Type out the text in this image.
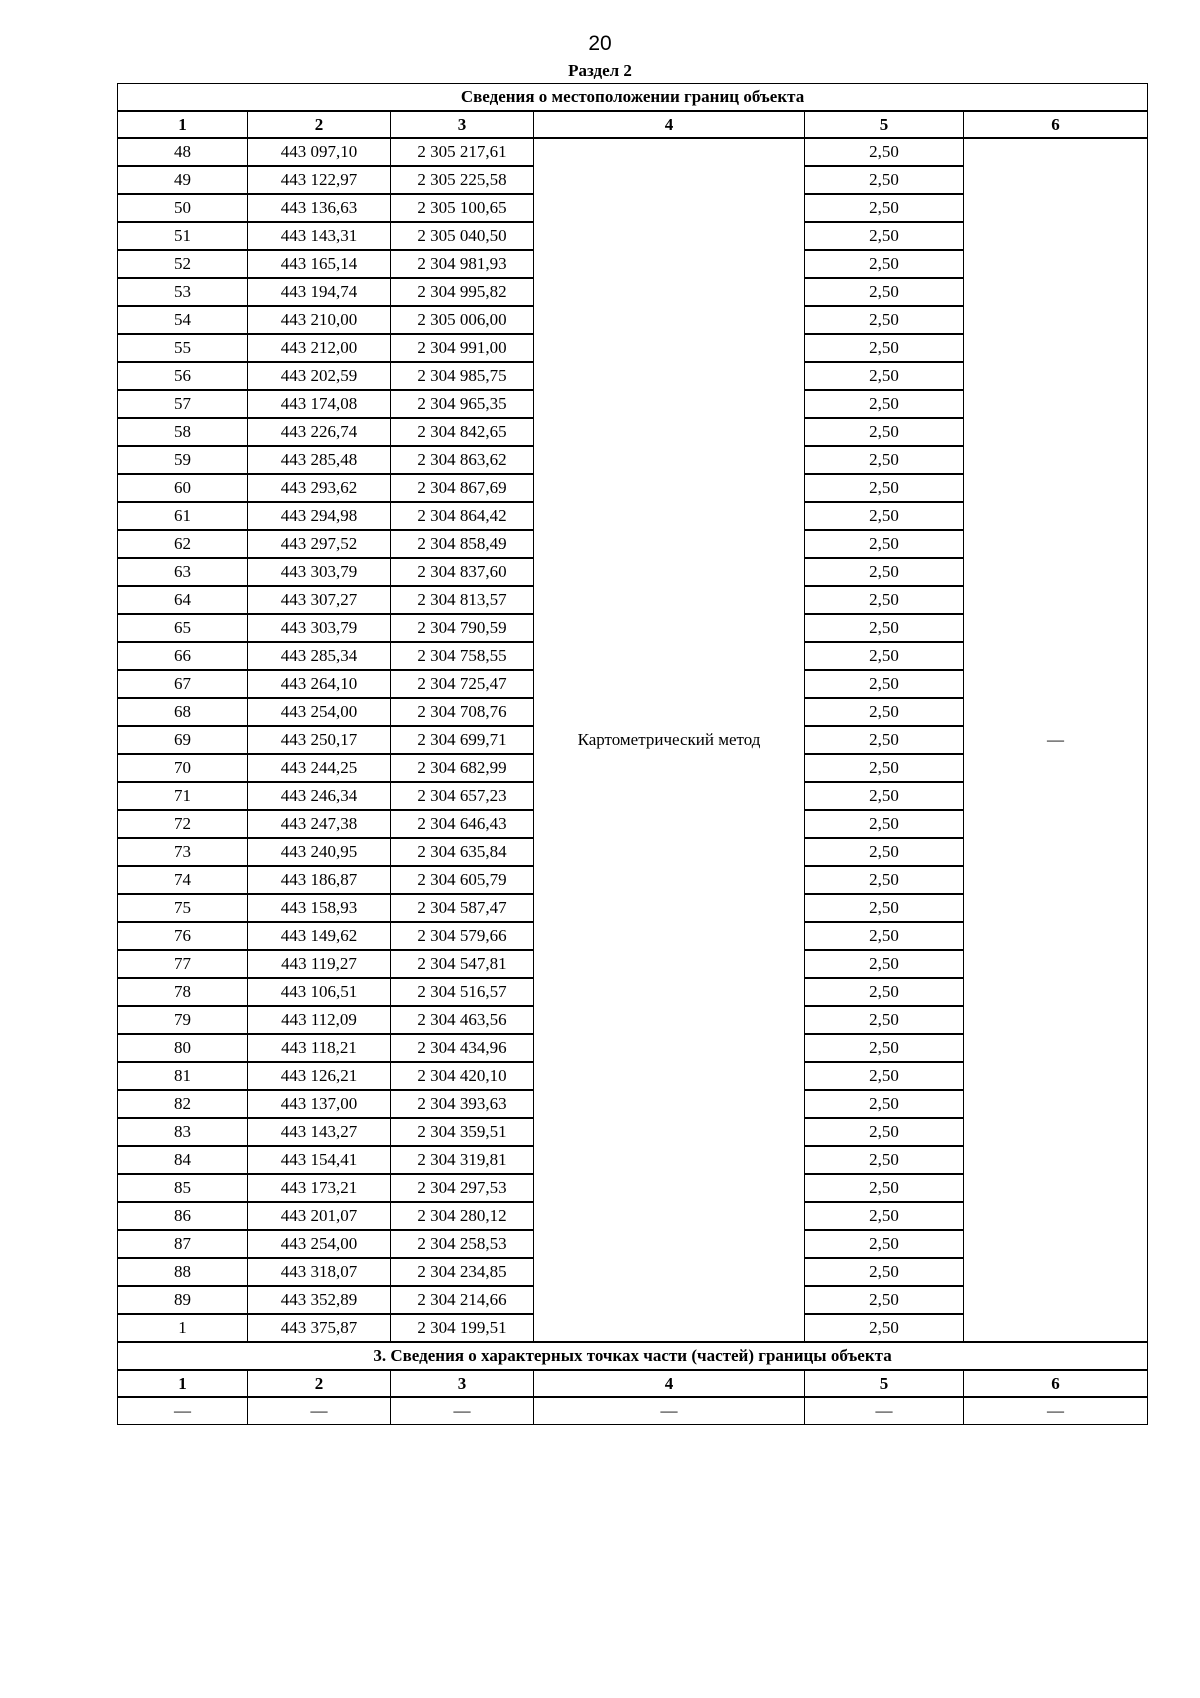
20
Раздел 2
Сведения о местоположении границ объекта					
1	2	3	4	5	6
48	443 097,10	2 305 217,61	Картометрический метод	2,50	—
49	443 122,97	2 305 225,58		2,50	
50	443 136,63	2 305 100,65		2,50	
51	443 143,31	2 305 040,50		2,50	
52	443 165,14	2 304 981,93		2,50	
53	443 194,74	2 304 995,82		2,50	
54	443 210,00	2 305 006,00		2,50	
55	443 212,00	2 304 991,00		2,50	
56	443 202,59	2 304 985,75		2,50	
57	443 174,08	2 304 965,35		2,50	
58	443 226,74	2 304 842,65		2,50	
59	443 285,48	2 304 863,62		2,50	
60	443 293,62	2 304 867,69		2,50	
61	443 294,98	2 304 864,42		2,50	
62	443 297,52	2 304 858,49		2,50	
63	443 303,79	2 304 837,60		2,50	
64	443 307,27	2 304 813,57		2,50	
65	443 303,79	2 304 790,59		2,50	
66	443 285,34	2 304 758,55		2,50	
67	443 264,10	2 304 725,47		2,50	
68	443 254,00	2 304 708,76		2,50	
69	443 250,17	2 304 699,71		2,50	
70	443 244,25	2 304 682,99		2,50	
71	443 246,34	2 304 657,23		2,50	
72	443 247,38	2 304 646,43		2,50	
73	443 240,95	2 304 635,84		2,50	
74	443 186,87	2 304 605,79		2,50	
75	443 158,93	2 304 587,47		2,50	
76	443 149,62	2 304 579,66		2,50	
77	443 119,27	2 304 547,81		2,50	
78	443 106,51	2 304 516,57		2,50	
79	443 112,09	2 304 463,56		2,50	
80	443 118,21	2 304 434,96		2,50	
81	443 126,21	2 304 420,10		2,50	
82	443 137,00	2 304 393,63		2,50	
83	443 143,27	2 304 359,51		2,50	
84	443 154,41	2 304 319,81		2,50	
85	443 173,21	2 304 297,53		2,50	
86	443 201,07	2 304 280,12		2,50	
87	443 254,00	2 304 258,53		2,50	
88	443 318,07	2 304 234,85		2,50	
89	443 352,89	2 304 214,66		2,50	
1	443 375,87	2 304 199,51		2,50	
3. Сведения о характерных точках части (частей) границы объекта					
1	2	3	4	5	6
—	—	—	—	—	—
